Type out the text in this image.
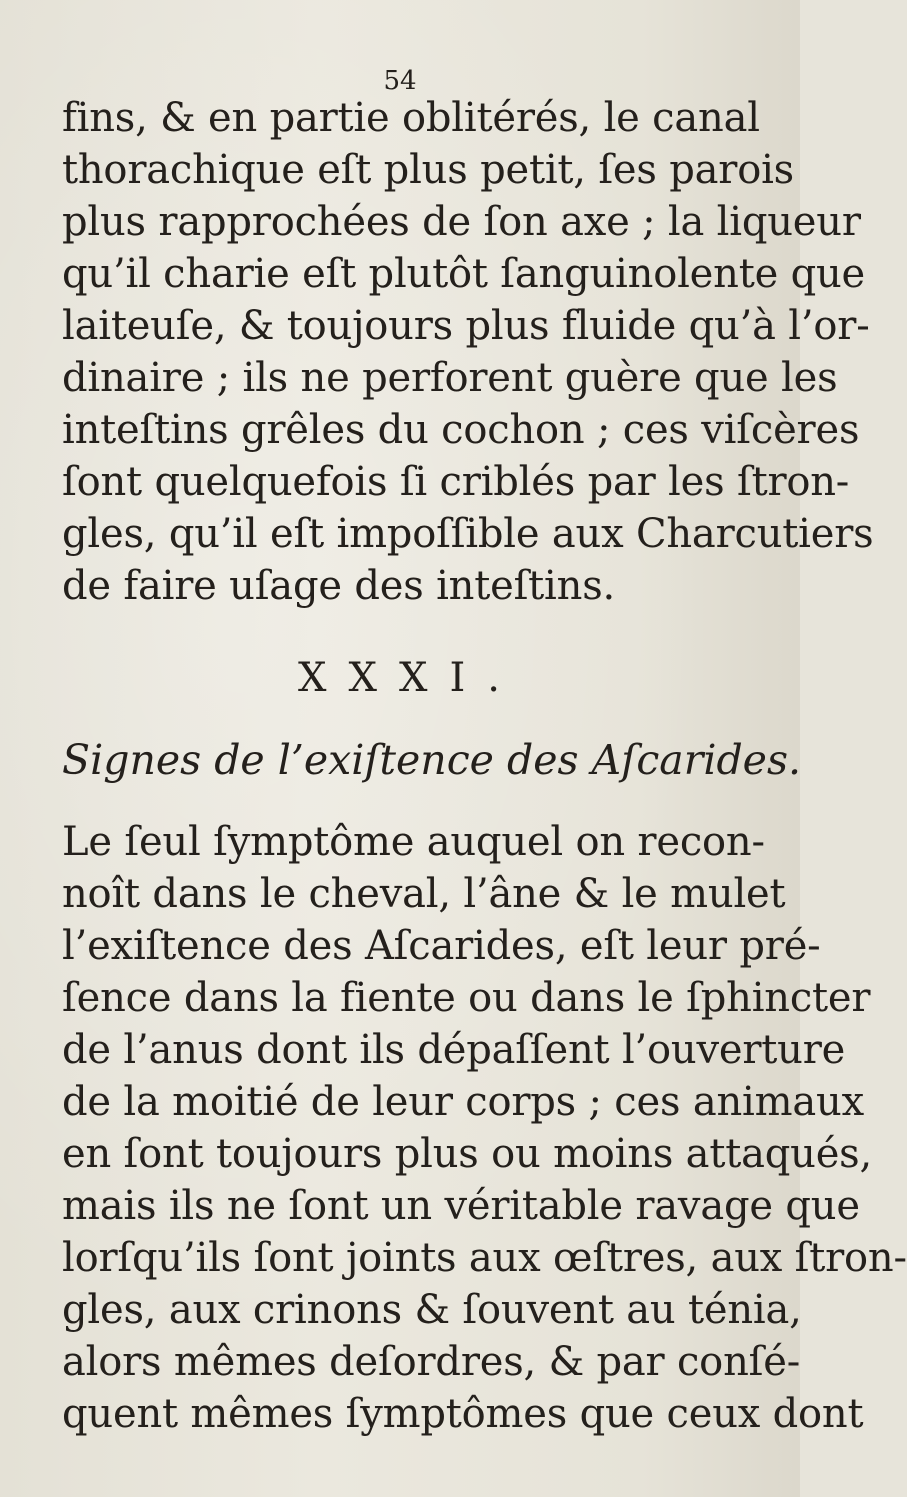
54
fins, & en partie oblitérés, le canal
thorachique eſt plus petit, ſes parois
plus rapprochées de ſon axe ; la liqueur
qu’il charie eſt plutôt ſanguinolente que
laiteuſe, & toujours plus fluide qu’à l’or-
dinaire ; ils ne perforent guère que les
inteſtins grêles du cochon ; ces viſcères
ſont quelquefois ſi criblés par les ſtron-
gles, qu’il eſt impoſſible aux Charcutiers
de faire uſage des inteſtins.
XXXI.
Signes de l’exiſtence des Aſcarides.
Le ſeul ſymptôme auquel on recon-
noît dans le cheval, l’âne & le mulet
l’exiſtence des Aſcarides, eſt leur pré-
ſence dans la fiente ou dans le ſphincter
de l’anus dont ils dépaſſent l’ouverture
de la moitié de leur corps ; ces animaux
en ſont toujours plus ou moins attaqués,
mais ils ne ſont un véritable ravage que
lorſqu’ils ſont joints aux œſtres, aux ſtron-
gles, aux crinons & ſouvent au ténia,
alors mêmes deſordres, & par conſé-
quent mêmes ſymptômes que ceux dont
